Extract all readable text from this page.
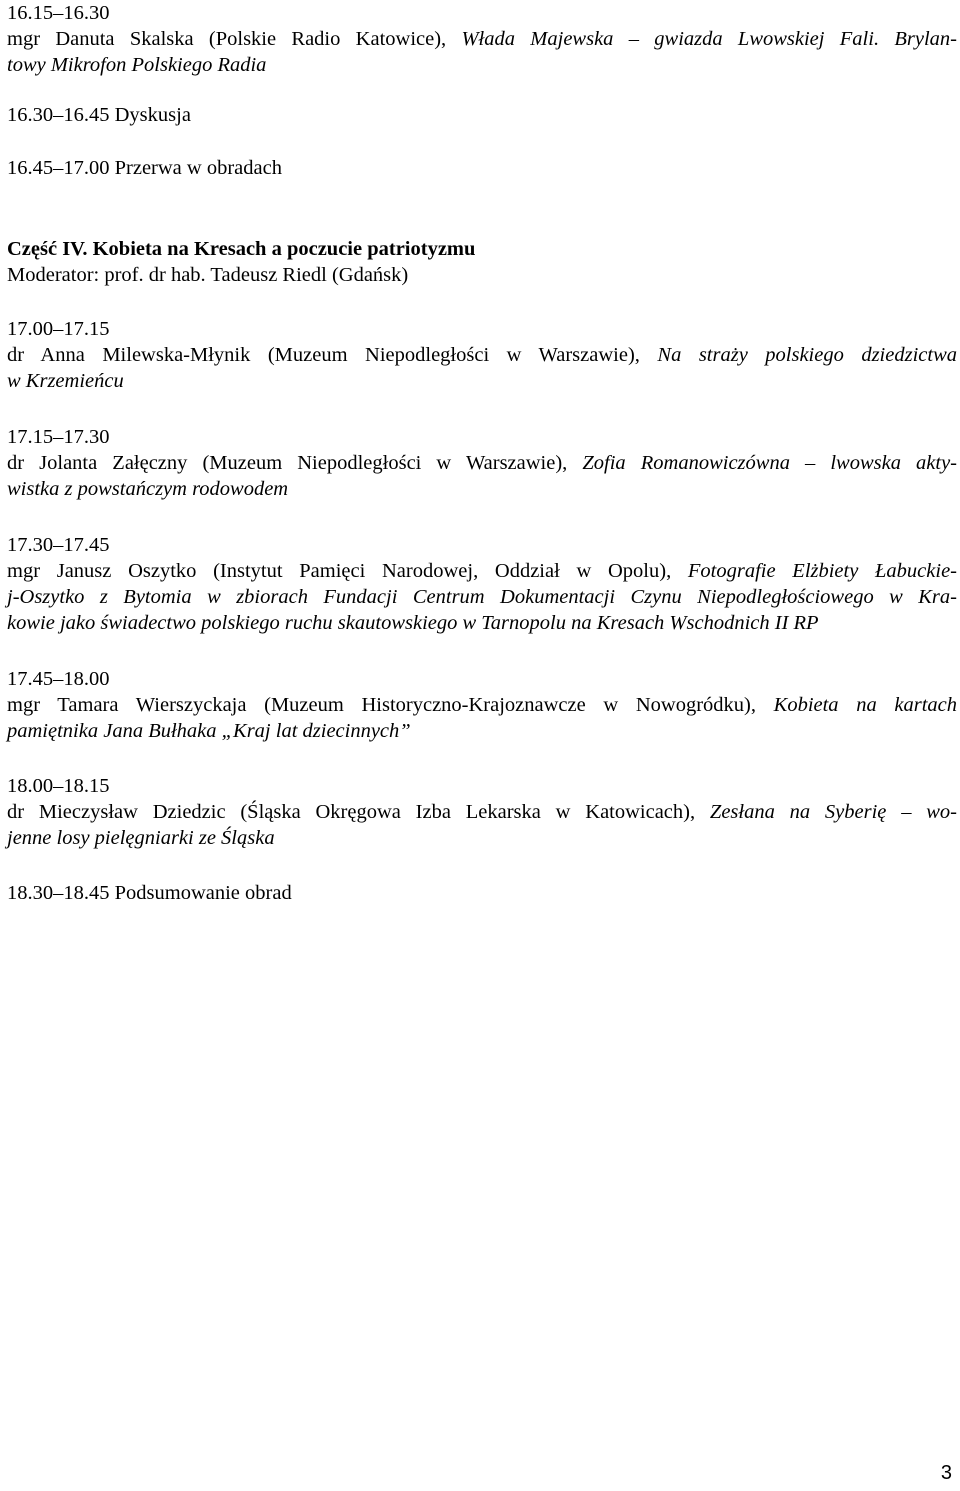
16.15–16.30
mgr Danuta Skalska (Polskie Radio Katowice), Włada Majewska – gwiazda Lwowskiej Fali. Brylan-
towy Mikrofon Polskiego Radia
16.30–16.45 Dyskusja
16.45–17.00 Przerwa w obradach
Część IV. Kobieta na Kresach a poczucie patriotyzmu
Moderator: prof. dr hab. Tadeusz Riedl (Gdańsk)
17.00–17.15
dr Anna Milewska-Młynik (Muzeum Niepodległości w Warszawie), Na straży polskiego dziedzictwa
w Krzemieńcu
17.15–17.30
dr Jolanta Załęczny (Muzeum Niepodległości w Warszawie), Zofia Romanowiczówna – lwowska akty-
wistka z powstańczym rodowodem
17.30–17.45
mgr Janusz Oszytko (Instytut Pamięci Narodowej, Oddział w Opolu), Fotografie Elżbiety Łabuckie-
j-Oszytko z Bytomia w zbiorach Fundacji Centrum Dokumentacji Czynu Niepodległościowego w Kra-
kowie jako świadectwo polskiego ruchu skautowskiego w Tarnopolu na Kresach Wschodnich II RP
17.45–18.00
mgr Tamara Wierszyckaja (Muzeum Historyczno-Krajoznawcze w Nowogródku), Kobieta na kartach
pamiętnika Jana Bułhaka „Kraj lat dziecinnych”
18.00–18.15
dr Mieczysław Dziedzic (Śląska Okręgowa Izba Lekarska w Katowicach), Zesłana na Syberię – wo-
jenne losy pielęgniarki ze Śląska
18.30–18.45 Podsumowanie obrad
3
